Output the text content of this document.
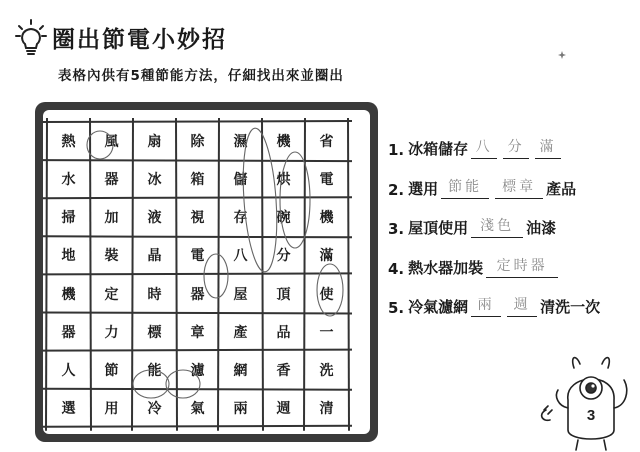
圈出節電小妙招
表格內供有5種節能方法，仔細找出來並圈出
熱	風	扇	除	濕	機	省
水	器	冰	箱	儲	烘	電
掃	加	液	視	存	碗	機
地	裝	晶	電	八	分	滿
機	定	時	器	屋	頂	使
器	力	標	章	產	品	一
人	節	能	濾	網	香	洗
選	用	冷	氣	兩	週	清
1. 冰箱儲存 八	分	滿
2. 選用 節能	標章 產品
3. 屋頂使用 淺色 油漆
4. 熱水器加裝 定時器
5. 冷氣濾網 兩	週 清洗一次
3
